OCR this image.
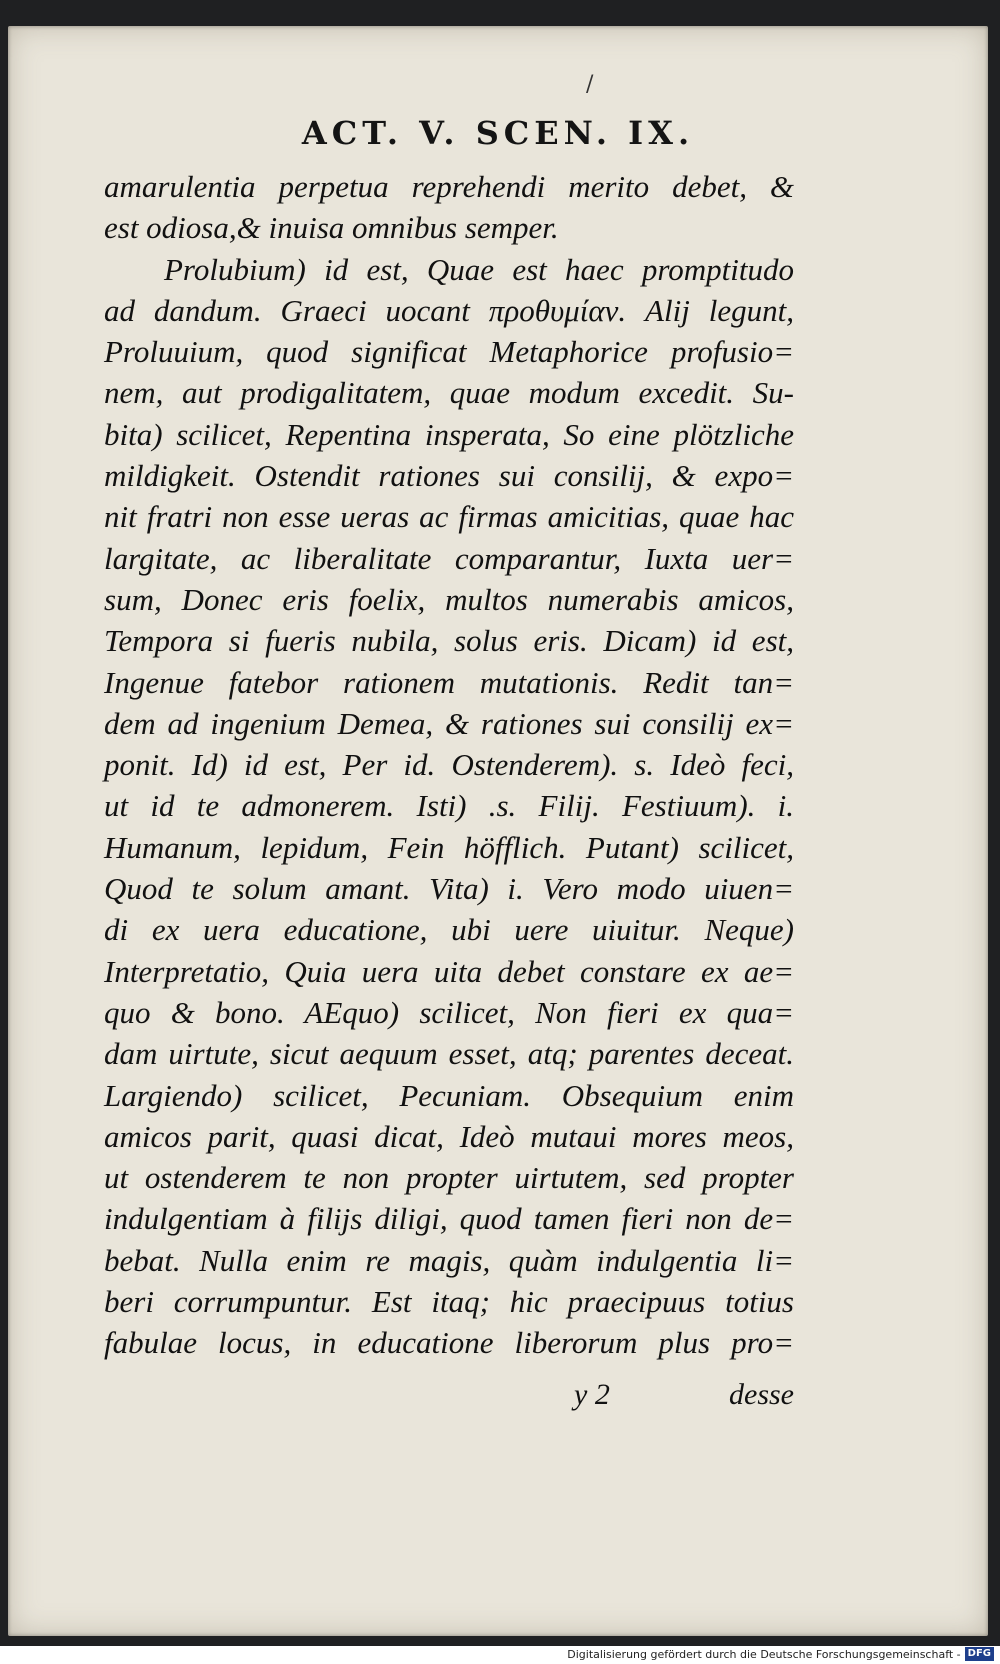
/
ACT. V. SCEN. IX.
amarulentia perpetua reprehendi merito debet, &
est odiosa,& inuisa omnibus semper.
Prolubium) id est, Quae est haec promptitudo
ad dandum. Graeci uocant προθυμίαν. Alij legunt,
Proluuium, quod significat Metaphorice profusio=
nem, aut prodigalitatem, quae modum excedit. Su-
bita) scilicet, Repentina insperata, So eine plötzliche
mildigkeit. Ostendit rationes sui consilij, & expo=
nit fratri non esse ueras ac firmas amicitias, quae hac
largitate, ac liberalitate comparantur, Iuxta uer=
sum, Donec eris foelix, multos numerabis amicos,
Tempora si fueris nubila, solus eris. Dicam) id est,
Ingenue fatebor rationem mutationis. Redit tan=
dem ad ingenium Demea, & rationes sui consilij ex=
ponit. Id) id est, Per id. Ostenderem). s. Ideò feci,
ut id te admonerem. Isti) .s. Filij. Festiuum). i.
Humanum, lepidum, Fein höfflich. Putant) scilicet,
Quod te solum amant. Vita) i. Vero modo uiuen=
di ex uera educatione, ubi uere uiuitur. Neque)
Interpretatio, Quia uera uita debet constare ex ae=
quo & bono. AEquo) scilicet, Non fieri ex qua=
dam uirtute, sicut aequum esset, atq; parentes deceat.
Largiendo) scilicet, Pecuniam. Obsequium enim
amicos parit, quasi dicat, Ideò mutaui mores meos,
ut ostenderem te non propter uirtutem, sed propter
indulgentiam à filijs diligi, quod tamen fieri non de=
bebat. Nulla enim re magis, quàm indulgentia li=
beri corrumpuntur. Est itaq; hic praecipuus totius
fabulae locus, in educatione liberorum plus pro=
y 2	desse
Digitalisierung gefördert durch die Deutsche Forschungsgemeinschaft - DFG
